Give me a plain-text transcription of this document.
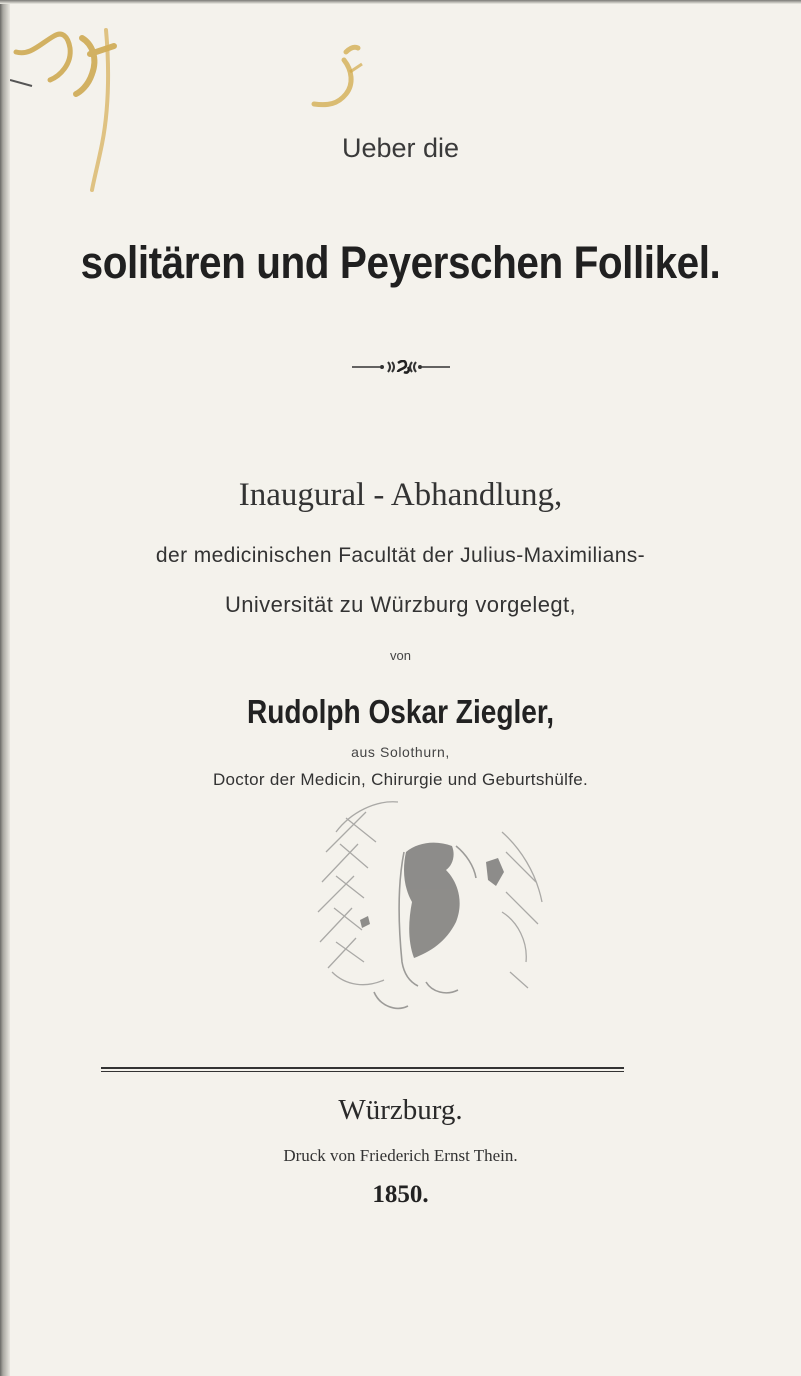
Ueber die
solitären und Peyerschen Follikel.
Inaugural - Abhandlung,
der medicinischen Facultät der Julius-Maximilians-
Universität zu Würzburg vorgelegt,
von
Rudolph Oskar Ziegler,
aus Solothurn,
Doctor der Medicin, Chirurgie und Geburtshülfe.
Würzburg.
Druck von Friederich Ernst Thein.
1850.
